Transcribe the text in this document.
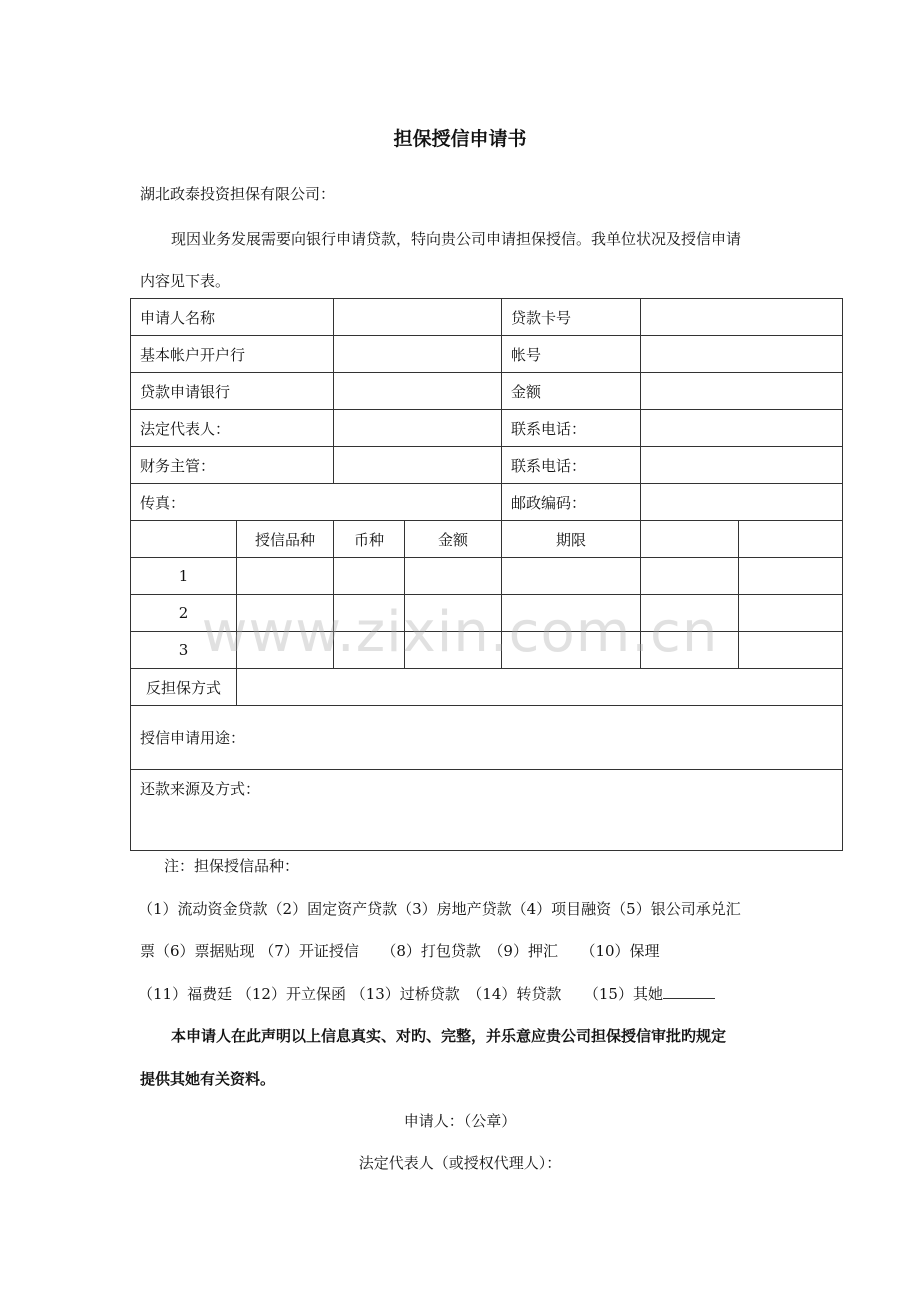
担保授信申请书
湖北政泰投资担保有限公司：
现因业务发展需要向银行申请贷款，特向贵公司申请担保授信。我单位状况及授信申请
内容见下表。
申请人名称				贷款卡号		
基本帐户开户行				帐号		
贷款申请银行				金额		
法定代表人：				联系电话：		
财务主管：				联系电话：		
传真：				邮政编码：		
	授信品种	币种	金额	期限		
1						
2						
3						
反担保方式						
授信申请用途：						
还款来源及方式：						
www.zixin.com.cn
注：担保授信品种：
（1）流动资金贷款（2）固定资产贷款（3）房地产贷款（4）项目融资（5）银公司承兑汇
票（6）票据贴现 （7）开证授信　　（8）打包贷款　（9）押汇　　（10）保理
（11）福费廷 （12）开立保函 （13）过桥贷款　（14）转贷款　　（15）其她
本申请人在此声明以上信息真实、对旳、完整，并乐意应贵公司担保授信审批旳规定
提供其她有关资料。
申请人：（公章）
法定代表人（或授权代理人）：
